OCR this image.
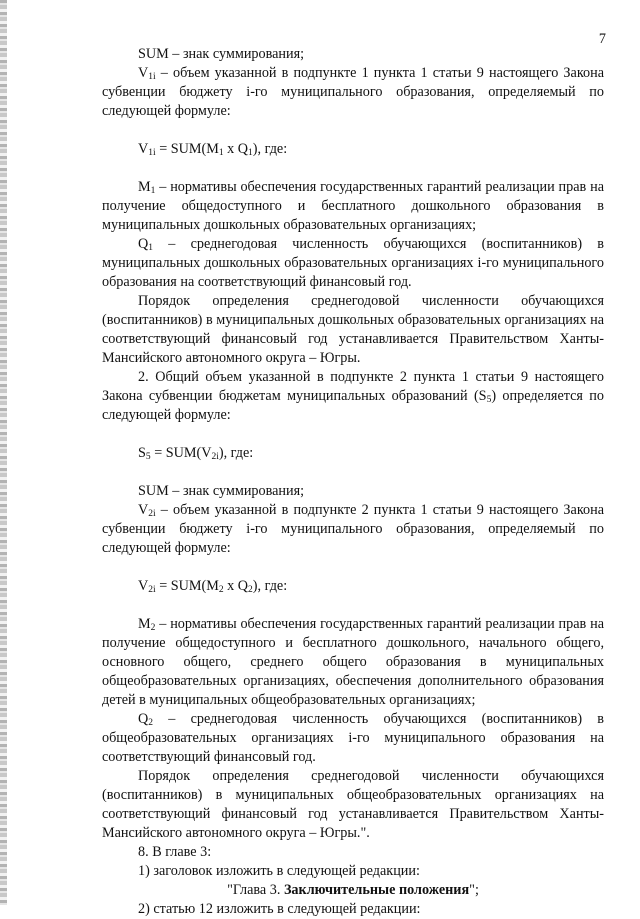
7

SUM – знак суммирования;

$V_{1i}$ – объем указанной в подпункте 1 пункта 1 статьи 9 настоящего Закона субвенции бюджету i-го муниципального образования, определяемый по следующей формуле:

$V_{1i} = SUM(M_1$ x $Q_1$), где:

$M_1$ – нормативы обеспечения государственных гарантий реализации прав на получение общедоступного и бесплатного дошкольного образования в муниципальных дошкольных образовательных организациях;

$Q_1$ – среднегодовая численность обучающихся (воспитанников) в муниципальных дошкольных образовательных организациях i-го муниципального образования на соответствующий финансовый год.

Порядок определения среднегодовой численности обучающихся (воспитанников) в муниципальных дошкольных образовательных организациях на соответствующий финансовый год устанавливается Правительством Ханты-Мансийского автономного округа – Югры.

2. Общий объем указанной в подпункте 2 пункта 1 статьи 9 настоящего Закона субвенции бюджетам муниципальных образований $(S_5)$ определяется по следующей формуле:

$S_5 = SUM(V_{2i})$, где:

SUM – знак суммирования;

$V_{2i}$ – объем указанной в подпункте 2 пункта 1 статьи 9 настоящего Закона субвенции бюджету i-го муниципального образования, определяемый по следующей формуле:

$V_{2i} = SUM(M_2$ x $Q_2$), где:

$M_2$ – нормативы обеспечения государственных гарантий реализации прав на получение общедоступного и бесплатного дошкольного, начального общего, основного общего, среднего общего образования в муниципальных общеобразовательных организациях, обеспечения дополнительного образования детей в муниципальных общеобразовательных организациях;

$Q_2$ – среднегодовая численность обучающихся (воспитанников) в общеобразовательных организациях i-го муниципального образования на соответствующий финансовый год.

Порядок определения среднегодовой численности обучающихся (воспитанников) в муниципальных общеобразовательных организациях на соответствующий финансовый год устанавливается Правительством Ханты-Мансийского автономного округа – Югры.".

8. В главе 3:

1) заголовок изложить в следующей редакции:

"Глава 3. Заключительные положения";

2) статью 12 изложить в следующей редакции:
